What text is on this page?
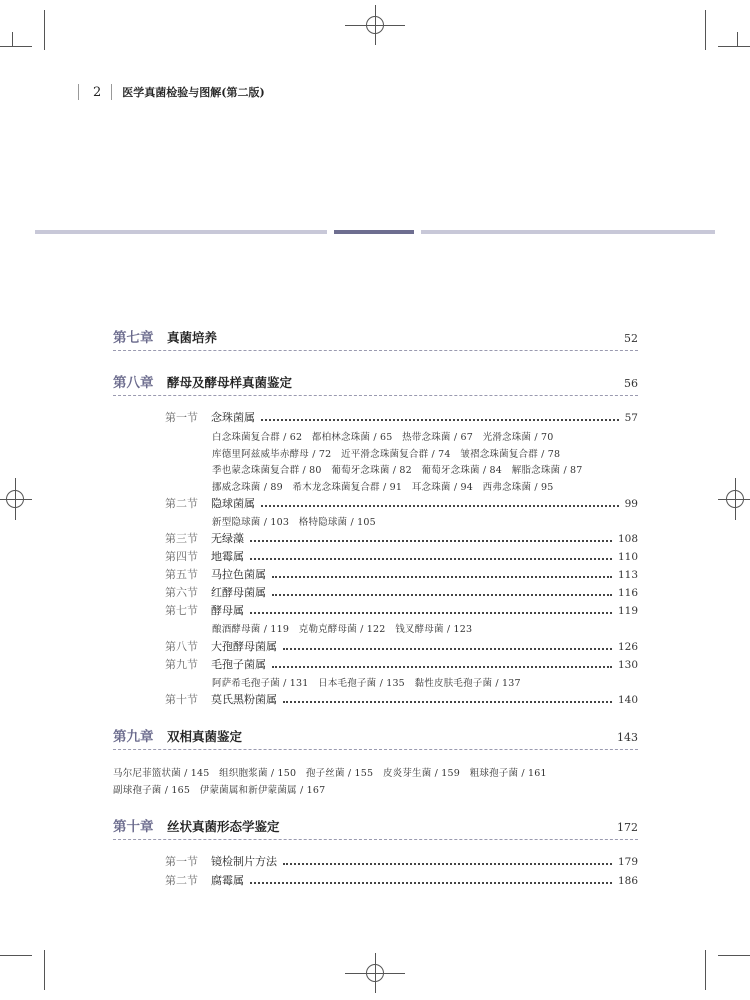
2 医学真菌检验与图解(第二版)
第七章	真菌培养	52
第八章	酵母及酵母样真菌鉴定	56
第一节	念珠菌属	57
白念珠菌复合群 / 62 都柏林念珠菌 / 65 热带念珠菌 / 67 光滑念珠菌 / 70
库德里阿兹威毕赤酵母 / 72 近平滑念珠菌复合群 / 74 皱褶念珠菌复合群 / 78
季也蒙念珠菌复合群 / 80 葡萄牙念珠菌 / 82 葡萄牙念珠菌 / 84 解脂念珠菌 / 87
挪威念珠菌 / 89 希木龙念珠菌复合群 / 91 耳念珠菌 / 94 西弗念珠菌 / 95
第二节	隐球菌属	99
新型隐球菌 / 103 格特隐球菌 / 105
第三节	无绿藻	108
第四节	地霉属	110
第五节	马拉色菌属	113
第六节	红酵母菌属	116
第七节	酵母属	119
酿酒酵母菌 / 119 克勒克酵母菌 / 122 钱叉酵母菌 / 123
第八节	大孢酵母菌属	126
第九节	毛孢子菌属	130
阿萨希毛孢子菌 / 131 日本毛孢子菌 / 135 黏性皮肤毛孢子菌 / 137
第十节	莫氏黑粉菌属	140
第九章	双相真菌鉴定	143
马尔尼菲篮状菌 / 145 组织胞浆菌 / 150 孢子丝菌 / 155 皮炎芽生菌 / 159 粗球孢子菌 / 161
副球孢子菌 / 165 伊蒙菌属和新伊蒙菌属 / 167
第十章	丝状真菌形态学鉴定	172
第一节	镜检制片方法	179
第二节	腐霉属	186
